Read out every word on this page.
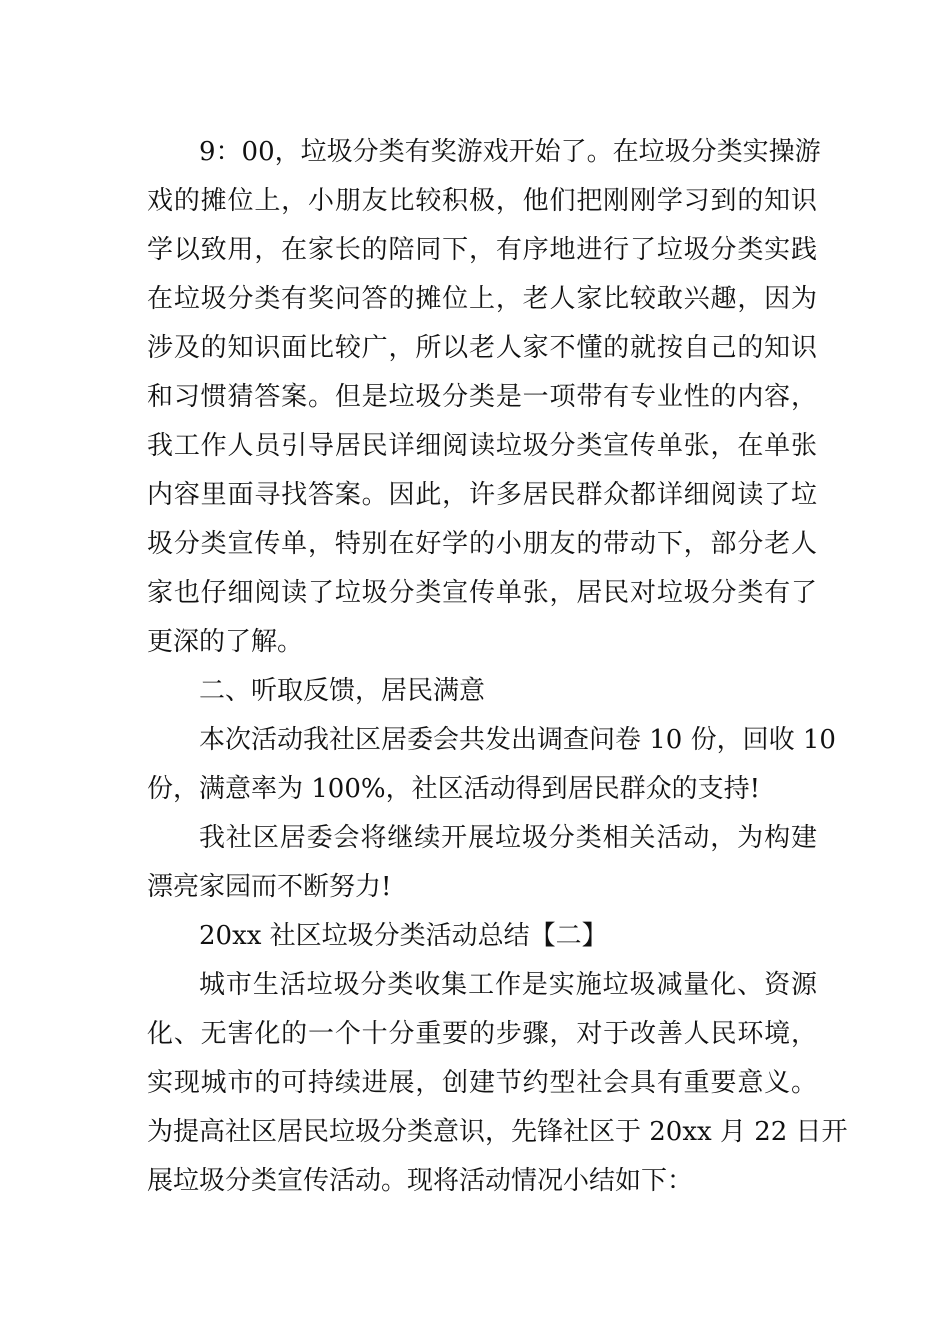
9：00，垃圾分类有奖游戏开始了。在垃圾分类实操游
戏的摊位上，小朋友比较积极，他们把刚刚学习到的知识
学以致用，在家长的陪同下，有序地进行了垃圾分类实践
在垃圾分类有奖问答的摊位上，老人家比较敢兴趣，因为
涉及的知识面比较广，所以老人家不懂的就按自己的知识
和习惯猜答案。但是垃圾分类是一项带有专业性的内容，
我工作人员引导居民详细阅读垃圾分类宣传单张，在单张
内容里面寻找答案。因此，许多居民群众都详细阅读了垃
圾分类宣传单，特别在好学的小朋友的带动下，部分老人
家也仔细阅读了垃圾分类宣传单张，居民对垃圾分类有了
更深的了解。
二、听取反馈，居民满意
本次活动我社区居委会共发出调查问卷 10 份，回收 10
份，满意率为 100%，社区活动得到居民群众的支持!
我社区居委会将继续开展垃圾分类相关活动，为构建
漂亮家园而不断努力!
20xx 社区垃圾分类活动总结【二】
城市生活垃圾分类收集工作是实施垃圾减量化、资源
化、无害化的一个十分重要的步骤，对于改善人民环境，
实现城市的可持续进展，创建节约型社会具有重要意义。
为提高社区居民垃圾分类意识，先锋社区于 20xx 月 22 日开
展垃圾分类宣传活动。现将活动情况小结如下：
